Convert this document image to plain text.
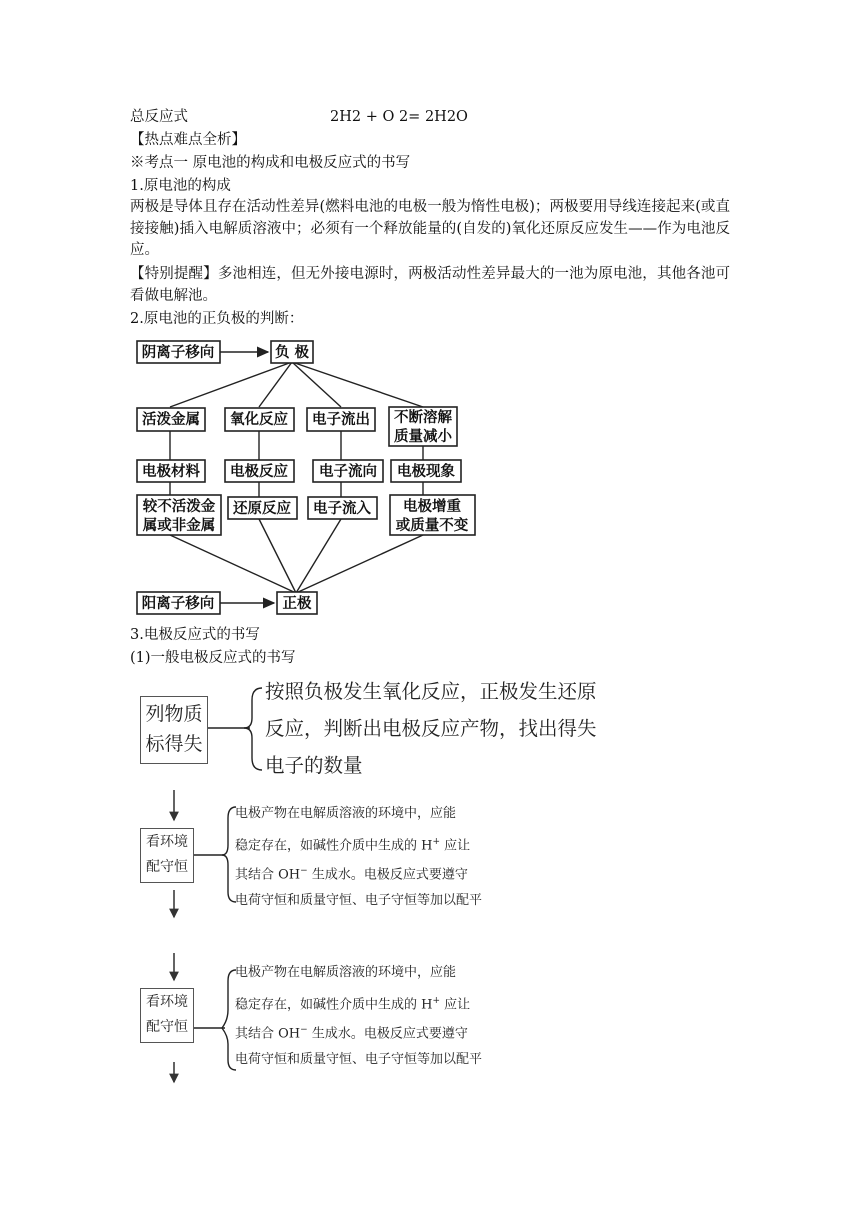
总反应式	2H2 + O 2= 2H2O
【热点难点全析】
※考点一 原电池的构成和电极反应式的书写
1.原电池的构成
两极是导体且存在活动性差异(燃料电池的电极一般为惰性电极)；两极要用导线连接起来(或直接接触)插入电解质溶液中；必须有一个释放能量的(自发的)氧化还原反应发生——作为电池反应。
【特别提醒】多池相连，但无外接电源时，两极活动性差异最大的一池为原电池，其他各池可看做电解池。
2.原电池的正负极的判断：
阴离子移向	负 极
活泼金属 氧化反应 电子流出 不断溶解
质量减小
电极材料 电极反应 电子流向 电极现象
较不活泼金
属或非金属
还原反应 电子流入 电极增重
或质量不变
阳离子移向	正极
3.电极反应式的书写
(1)一般电极反应式的书写
列物质
标得失
按照负极发生氧化反应，正极发生还原
反应，判断出电极反应产物，找出得失
电子的数量
看环境
配守恒
电极产物在电解质溶液的环境中，应能
稳定存在，如碱性介质中生成的 H+ 应让
其结合 OH− 生成水。电极反应式要遵守
电荷守恒和质量守恒、电子守恒等加以配平
看环境
配守恒
电极产物在电解质溶液的环境中，应能
稳定存在，如碱性介质中生成的 H+ 应让
其结合 OH− 生成水。电极反应式要遵守
电荷守恒和质量守恒、电子守恒等加以配平
